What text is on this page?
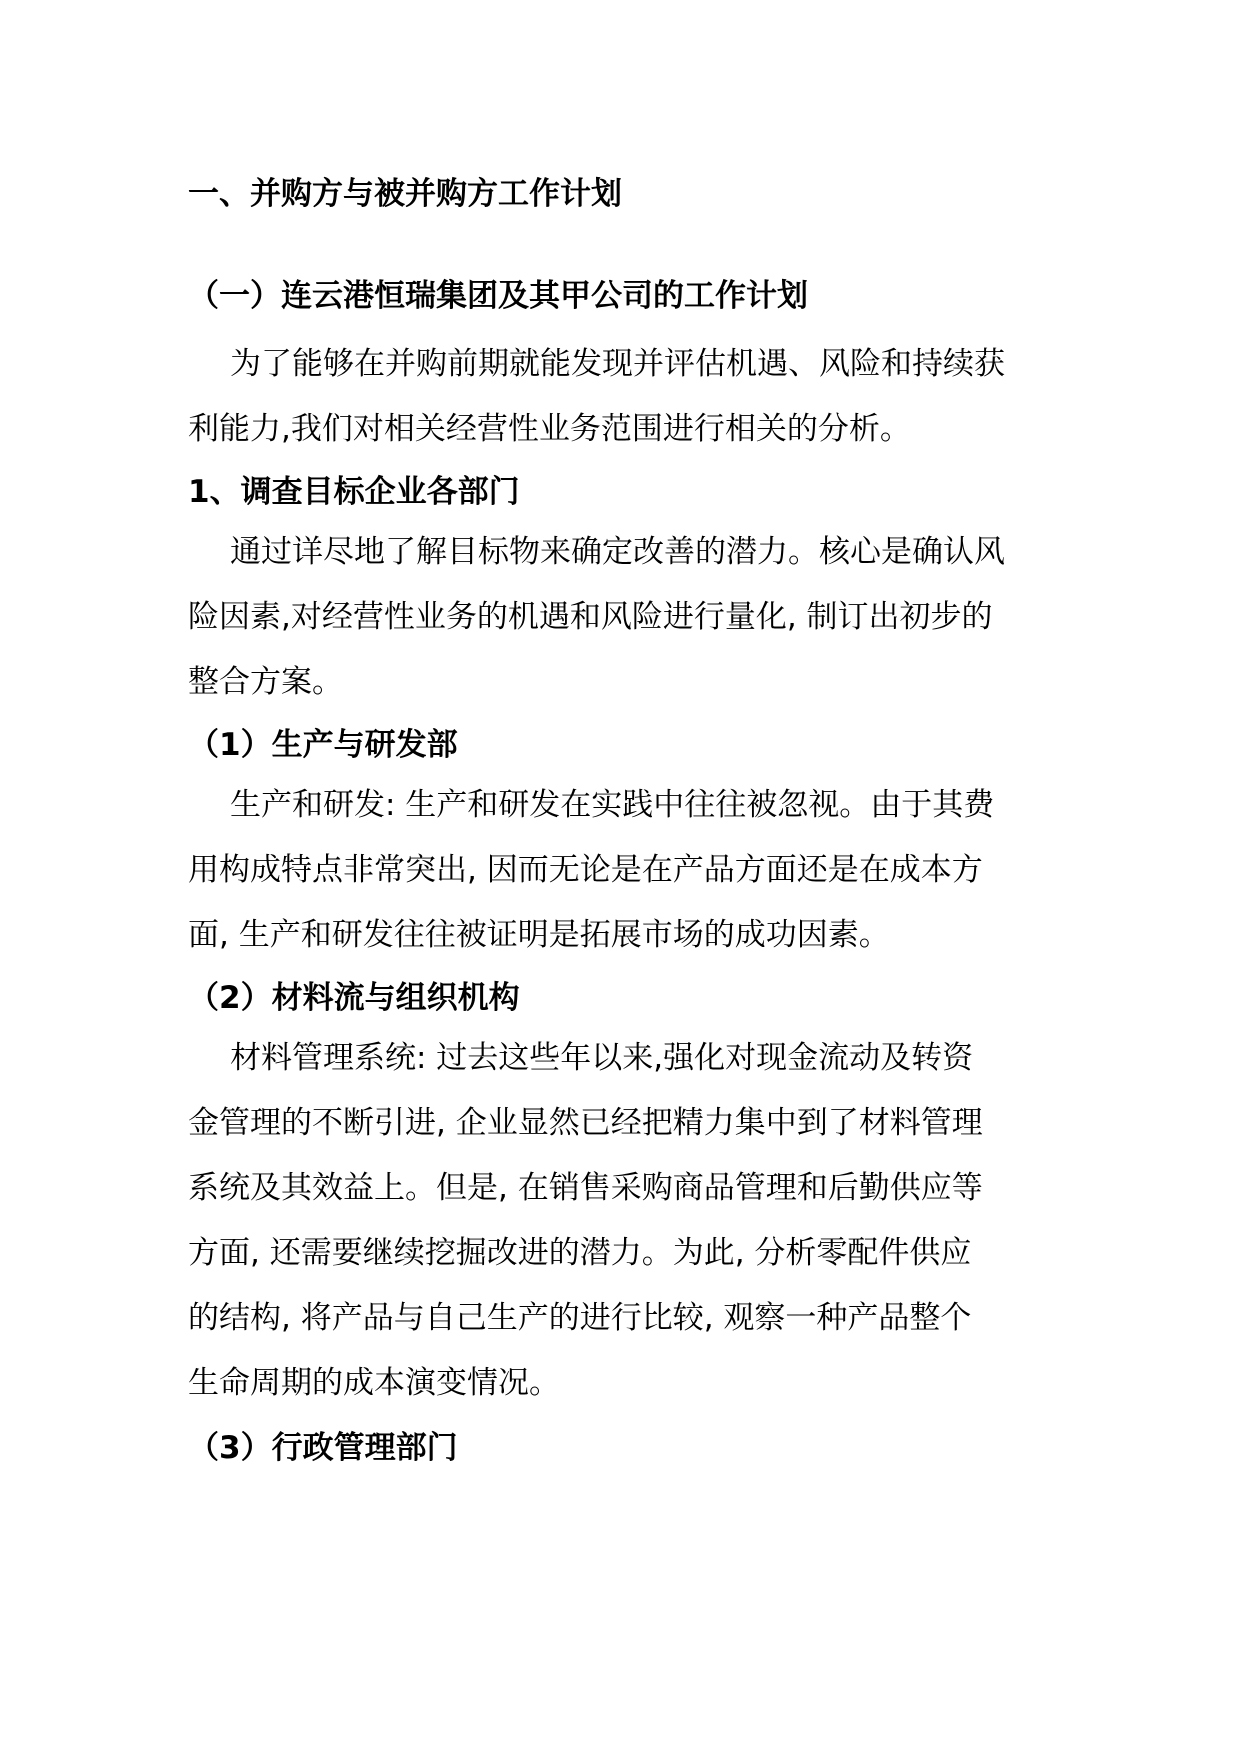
一、并购方与被并购方工作计划
（一）连云港恒瑞集团及其甲公司的工作计划
为了能够在并购前期就能发现并评估机遇、风险和持续获
利能力,我们对相关经营性业务范围进行相关的分析。
1、调查目标企业各部门
通过详尽地了解目标物来确定改善的潜力。核心是确认风
险因素,对经营性业务的机遇和风险进行量化, 制订出初步的
整合方案。
（1）生产与研发部
生产和研发: 生产和研发在实践中往往被忽视。由于其费
用构成特点非常突出, 因而无论是在产品方面还是在成本方
面, 生产和研发往往被证明是拓展市场的成功因素。
（2）材料流与组织机构
材料管理系统: 过去这些年以来,强化对现金流动及转资
金管理的不断引进, 企业显然已经把精力集中到了材料管理
系统及其效益上。但是, 在销售采购商品管理和后勤供应等
方面, 还需要继续挖掘改进的潜力。为此, 分析零配件供应
的结构, 将产品与自己生产的进行比较, 观察一种产品整个
生命周期的成本演变情况。
（3）行政管理部门
